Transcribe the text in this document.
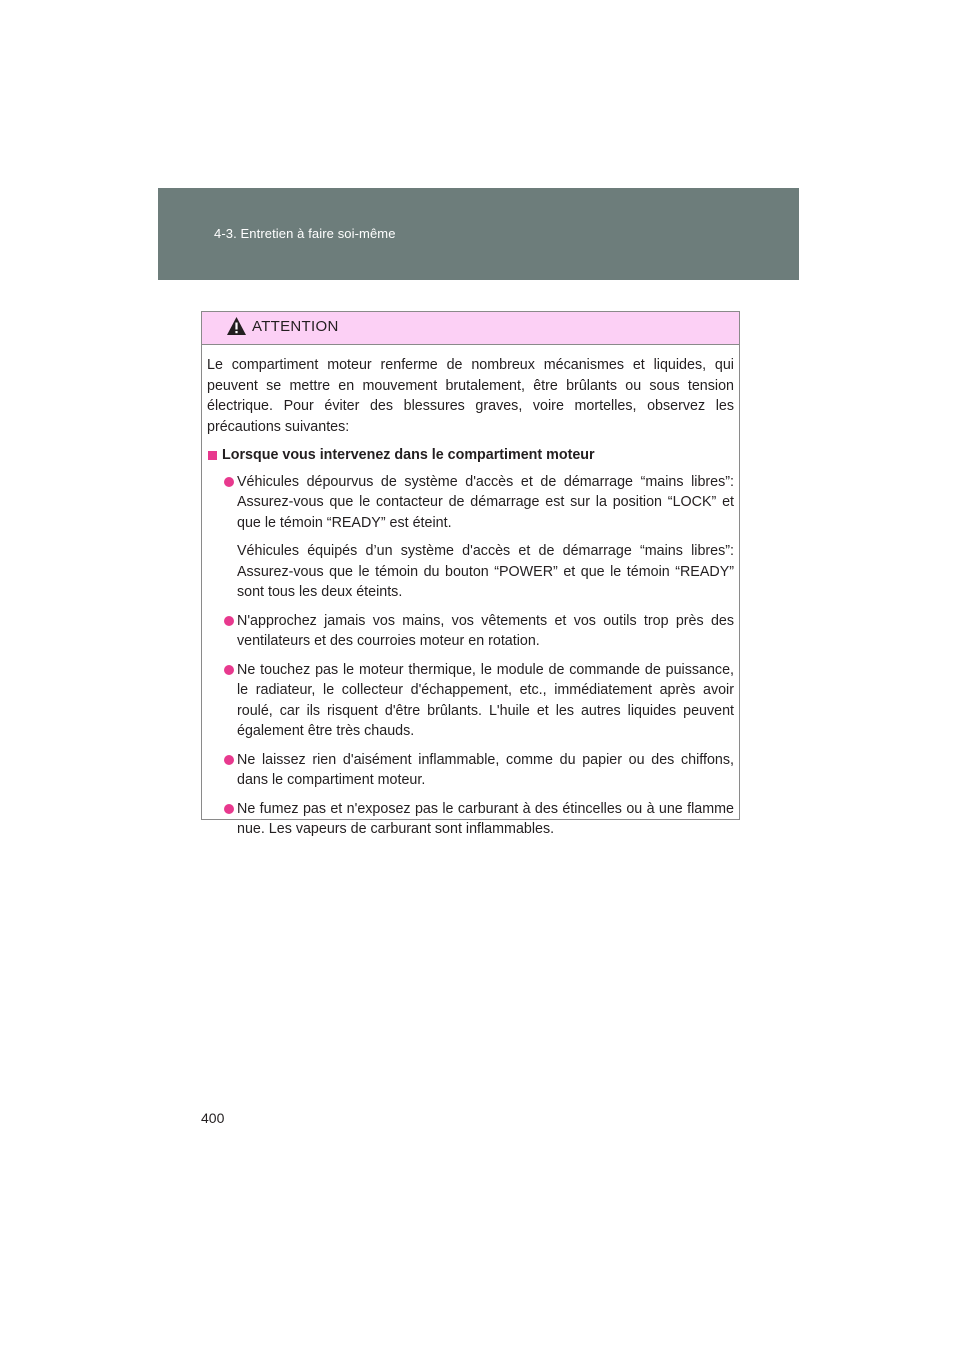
4-3. Entretien à faire soi-même
ATTENTION

Le compartiment moteur renferme de nombreux mécanismes et liquides, qui peuvent se mettre en mouvement brutalement, être brûlants ou sous tension électrique. Pour éviter des blessures graves, voire mortelles, observez les précautions suivantes:

Lorsque vous intervenez dans le compartiment moteur

Véhicules dépourvus de système d'accès et de démarrage “mains libres”: Assurez-vous que le contacteur de démarrage est sur la position “LOCK” et que le témoin “READY” est éteint.

Véhicules équipés d’un système d'accès et de démarrage “mains libres”: Assurez-vous que le témoin du bouton “POWER” et que le témoin “READY” sont tous les deux éteints.

N'approchez jamais vos mains, vos vêtements et vos outils trop près des ventilateurs et des courroies moteur en rotation.

Ne touchez pas le moteur thermique, le module de commande de puissance, le radiateur, le collecteur d'échappement, etc., immédiatement après avoir roulé, car ils risquent d'être brûlants. L'huile et les autres liquides peuvent également être très chauds.

Ne laissez rien d'aisément inflammable, comme du papier ou des chiffons, dans le compartiment moteur.

Ne fumez pas et n'exposez pas le carburant à des étincelles ou à une flamme nue. Les vapeurs de carburant sont inflammables.

400
